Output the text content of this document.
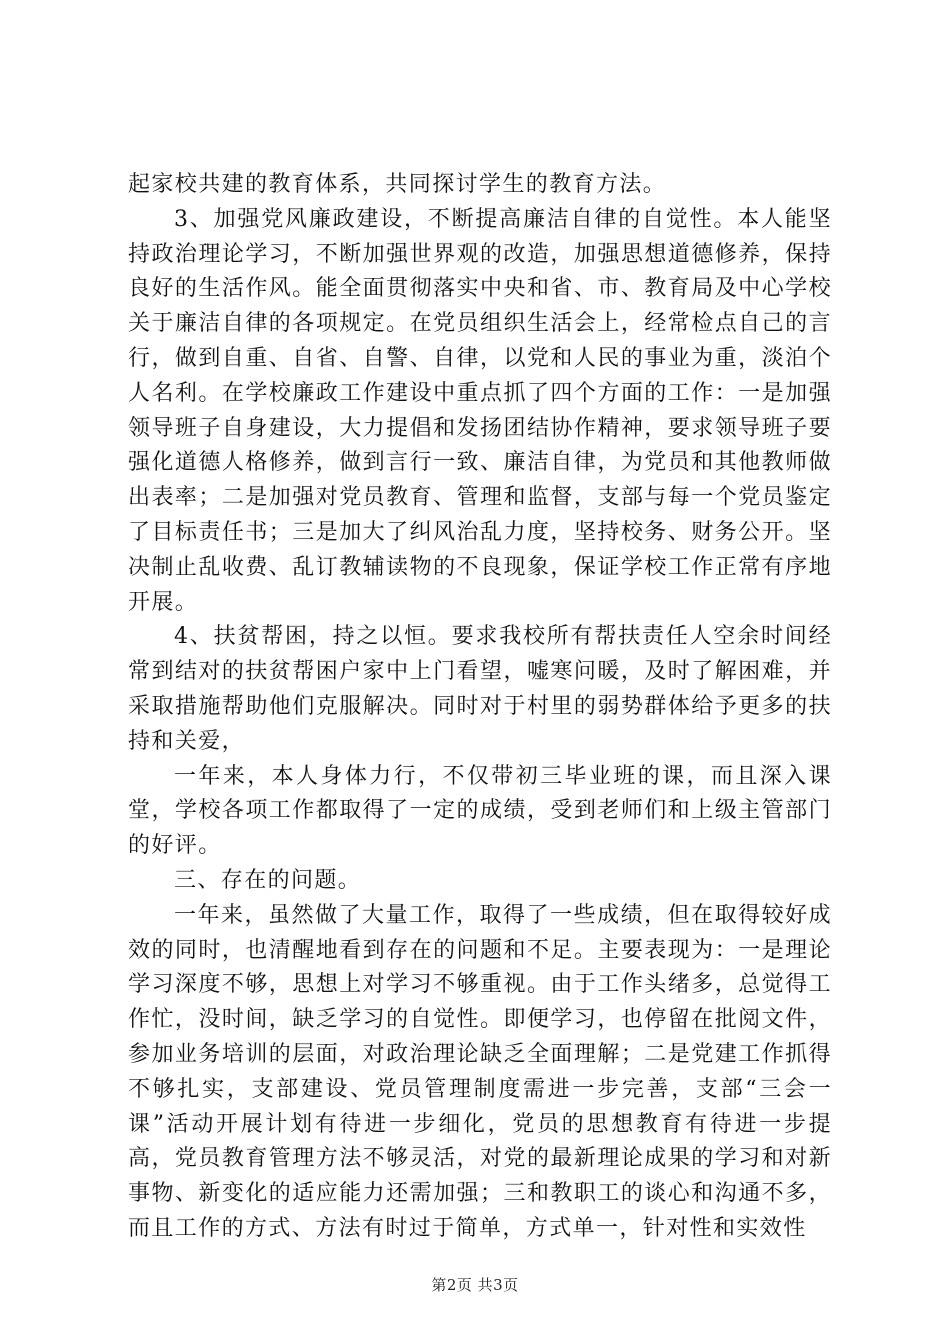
起家校共建的教育体系，共同探讨学生的教育方法。

3、加强党风廉政建设，不断提高廉洁自律的自觉性。本人能坚持政治理论学习，不断加强世界观的改造，加强思想道德修养，保持良好的生活作风。能全面贯彻落实中央和省、市、教育局及中心学校关于廉洁自律的各项规定。在党员组织生活会上，经常检点自己的言行，做到自重、自省、自警、自律，以党和人民的事业为重，淡泊个人名利。在学校廉政工作建设中重点抓了四个方面的工作：一是加强领导班子自身建设，大力提倡和发扬团结协作精神，要求领导班子要强化道德人格修养，做到言行一致、廉洁自律，为党员和其他教师做出表率；二是加强对党员教育、管理和监督，支部与每一个党员鉴定了目标责任书；三是加大了纠风治乱力度，坚持校务、财务公开。坚决制止乱收费、乱订教辅读物的不良现象，保证学校工作正常有序地开展。

4、扶贫帮困，持之以恒。要求我校所有帮扶责任人空余时间经常到结对的扶贫帮困户家中上门看望，嘘寒问暖，及时了解困难，并采取措施帮助他们克服解决。同时对于村里的弱势群体给予更多的扶持和关爱，

一年来，本人身体力行，不仅带初三毕业班的课，而且深入课堂，学校各项工作都取得了一定的成绩，受到老师们和上级主管部门的好评。

三、存在的问题。

一年来，虽然做了大量工作，取得了一些成绩，但在取得较好成效的同时，也清醒地看到存在的问题和不足。主要表现为：一是理论学习深度不够，思想上对学习不够重视。由于工作头绪多，总觉得工作忙，没时间，缺乏学习的自觉性。即便学习，也停留在批阅文件，参加业务培训的层面，对政治理论缺乏全面理解；二是党建工作抓得不够扎实，支部建设、党员管理制度需进一步完善，支部“三会一课”活动开展计划有待进一步细化，党员的思想教育有待进一步提高，党员教育管理方法不够灵活，对党的最新理论成果的学习和对新事物、新变化的适应能力还需加强；三和教职工的谈心和沟通不多，而且工作的方式、方法有时过于简单，方式单一，针对性和实效性

第2页 共3页
